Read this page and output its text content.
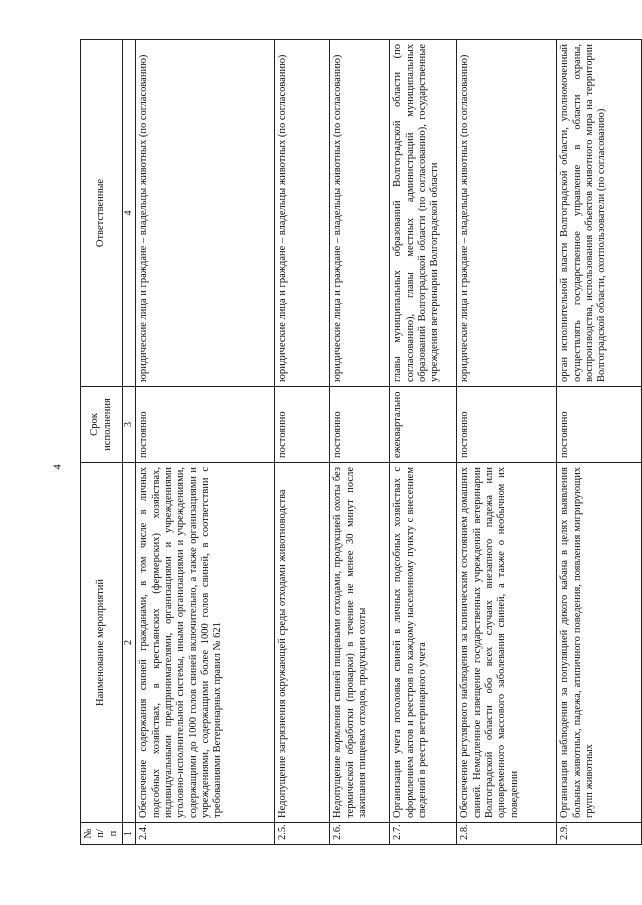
4
№ п/п	Наименование мероприятий	Срок исполнения	Ответственные
1	2	3	4
2.4.	Обеспечение содержания свиней гражданами, в том числе в личных подсобных хозяйствах, в крестьянских (фермерских) хозяйствах, индивидуальными предпринимателями, организациями и учреждениями уголовно-исполнительной системы, иными организациями и учреждениями, содержащими до 1000 голов свиней включительно, а также организациями и учреждениями, содержащими более 1000 голов свиней, в соответствии с требованиями Ветеринарных правил № 621	постоянно	юридические лица и граждане – владельцы животных (по согласованию)
2.5.	Недопущение загрязнения окружающей среды отходами животноводства	постоянно	юридические лица и граждане – владельцы животных (по согласованию)
2.6.	Недопущение кормления свиней пищевыми отходами, продукцией охоты без термической обработки (проварки) в течение не менее 30 минут после закипания пищевых отходов, продукции охоты	постоянно	юридические лица и граждане – владельцы животных (по согласованию)
2.7.	Организация учета поголовья свиней в личных подсобных хозяйствах с оформлением актов и реестров по каждому населенному пункту с внесением сведений в реестр ветеринарного учета	ежеквартально	главы муниципальных образований Волгоградской области (по согласованию), главы местных администраций муниципальных образований Волгоградской области (по согласованию), государственные учреждения ветеринарии Волгоградской области
2.8.	Обеспечение регулярного наблюдения за клиническим состоянием домашних свиней. Немедленное извещение государственных учреждений ветеринарии Волгоградской области обо всех случаях внезапного падежа или одновременного массового заболевания свиней, а также о необычном их поведении	постоянно	юридические лица и граждане – владельцы животных (по согласованию)
2.9.	Организация наблюдения за популяцией дикого кабана в целях выявления больных животных, падежа, атипичного поведения, появления мигрирующих групп животных	постоянно	орган исполнительной власти Волгоградской области, уполномоченный осуществлять государственное управление в области охраны, воспроизводства, использования объектов животного мира на территории Волгоградской области, охотпользователи (по согласованию)
